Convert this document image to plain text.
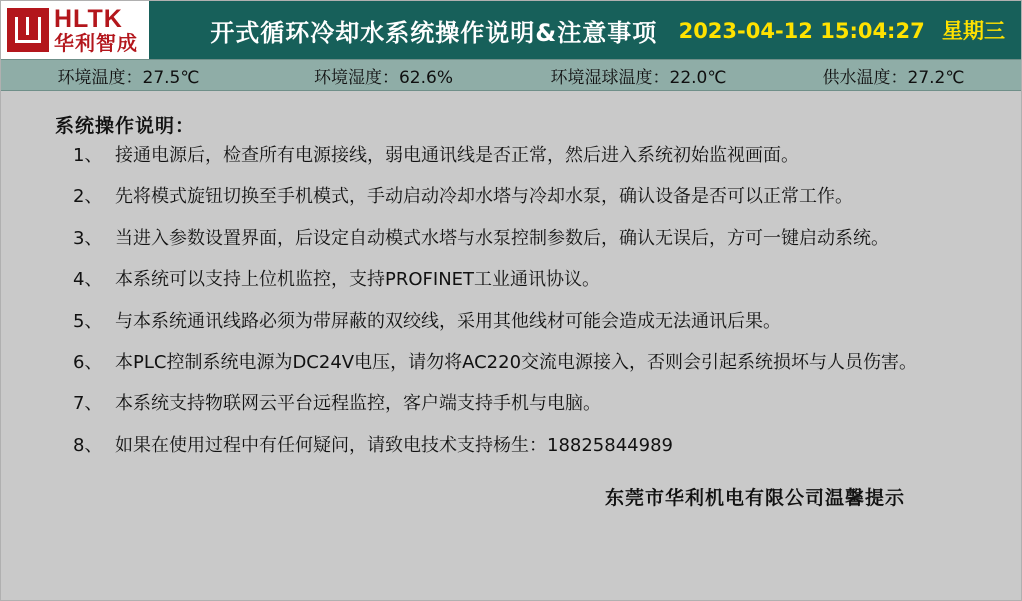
HLTK
华利智成	开式循环冷却水系统操作说明&注意事项	2023-04-12 15:04:27 星期三
环境温度：27.5℃	环境湿度：62.6%	环境湿球温度：22.0℃	供水温度：27.2℃
系统操作说明：
1、 接通电源后，检查所有电源接线，弱电通讯线是否正常，然后进入系统初始监视画面。
2、 先将模式旋钮切换至手机模式，手动启动冷却水塔与冷却水泵，确认设备是否可以正常工作。
3、 当进入参数设置界面，后设定自动模式水塔与水泵控制参数后，确认无误后，方可一键启动系统。
4、 本系统可以支持上位机监控，支持PROFINET工业通讯协议。
5、 与本系统通讯线路必须为带屏蔽的双绞线，采用其他线材可能会造成无法通讯后果。
6、 本PLC控制系统电源为DC24V电压，请勿将AC220交流电源接入，否则会引起系统损坏与人员伤害。
7、 本系统支持物联网云平台远程监控，客户端支持手机与电脑。
8、 如果在使用过程中有任何疑问，请致电技术支持杨生：18825844989
东莞市华利机电有限公司温馨提示
